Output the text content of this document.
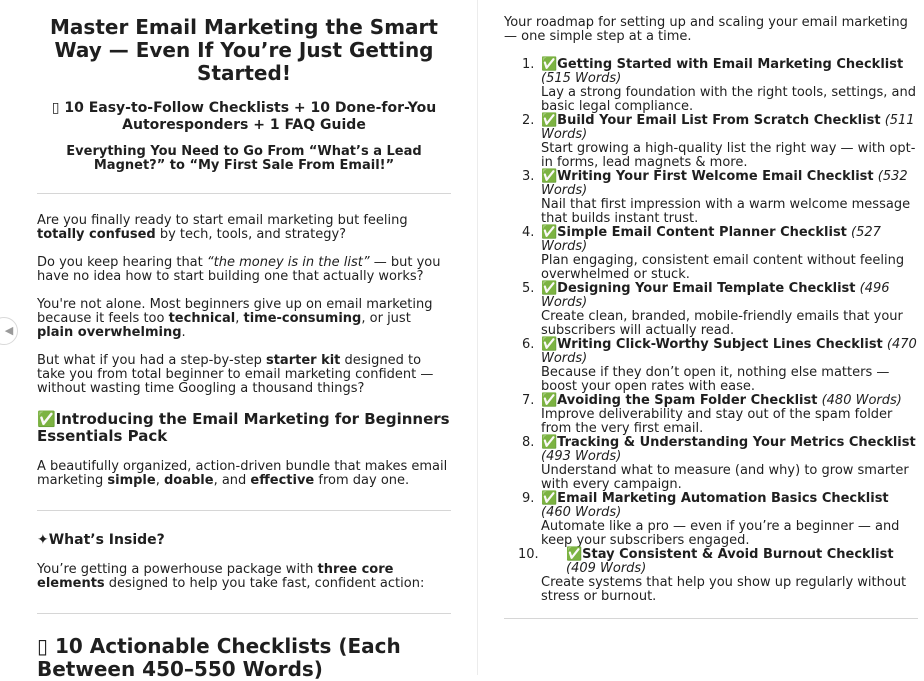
◀
Master Email Marketing the Smart Way — Even If You’re Just Getting Started!
▯ 10 Easy-to-Follow Checklists + 10 Done-for-You Autoresponders + 1 FAQ Guide
Everything You Need to Go From “What’s a Lead Magnet?” to “My First Sale From Email!”

Are you finally ready to start email marketing but feeling totally confused by tech, tools, and strategy?

Do you keep hearing that “the money is in the list” — but you have no idea how to start building one that actually works?

You're not alone. Most beginners give up on email marketing because it feels too technical, time-consuming, or just plain overwhelming.

But what if you had a step-by-step starter kit designed to take you from total beginner to email marketing confident — without wasting time Googling a thousand things?

✅Introducing the Email Marketing for Beginners Essentials Pack

A beautifully organized, action-driven bundle that makes email marketing simple, doable, and effective from day one.

✦What’s Inside?

You’re getting a powerhouse package with three core elements designed to help you take fast, confident action:

▯ 10 Actionable Checklists (Each Between 450–550 Words)

Your roadmap for setting up and scaling your email marketing — one simple step at a time.

1. ✅Getting Started with Email Marketing Checklist (515 Words)
Lay a strong foundation with the right tools, settings, and basic legal compliance.
2. ✅Build Your Email List From Scratch Checklist (511 Words)
Start growing a high-quality list the right way — with opt-in forms, lead magnets & more.
3. ✅Writing Your First Welcome Email Checklist (532 Words)
Nail that first impression with a warm welcome message that builds instant trust.
4. ✅Simple Email Content Planner Checklist (527 Words)
Plan engaging, consistent email content without feeling overwhelmed or stuck.
5. ✅Designing Your Email Template Checklist (496 Words)
Create clean, branded, mobile-friendly emails that your subscribers will actually read.
6. ✅Writing Click-Worthy Subject Lines Checklist (470 Words)
Because if they don’t open it, nothing else matters — boost your open rates with ease.
7. ✅Avoiding the Spam Folder Checklist (480 Words)
Improve deliverability and stay out of the spam folder from the very first email.
8. ✅Tracking & Understanding Your Metrics Checklist (493 Words)
Understand what to measure (and why) to grow smarter with every campaign.
9. ✅Email Marketing Automation Basics Checklist (460 Words)
Automate like a pro — even if you’re a beginner — and keep your subscribers engaged.
10.	✅Stay Consistent & Avoid Burnout Checklist (409 Words)
Create systems that help you show up regularly without stress or burnout.
